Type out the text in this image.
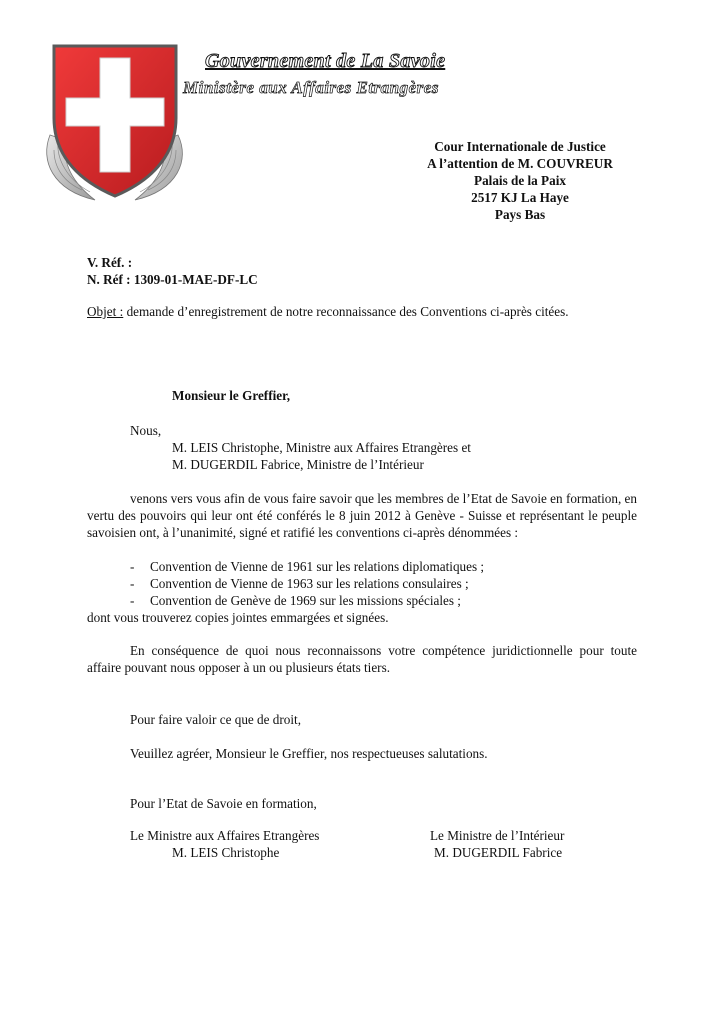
Gouvernement de La Savoie
Ministère aux Affaires Etrangères
Cour Internationale de Justice
A l’attention de M. COUVREUR
Palais de la Paix
2517 KJ La Haye
Pays Bas
V. Réf. :
N. Réf : 1309-01-MAE-DF-LC
Objet : demande d’enregistrement de notre reconnaissance des Conventions ci-après citées.
Monsieur le Greffier,
Nous,
M. LEIS Christophe, Ministre aux Affaires Etrangères et
M. DUGERDIL Fabrice, Ministre de l’Intérieur
venons vers vous afin de vous faire savoir que les membres de l’Etat de Savoie en formation, en vertu des pouvoirs qui leur ont été conférés le 8 juin 2012 à Genève - Suisse et représentant le peuple savoisien ont, à l’unanimité, signé et ratifié les conventions ci-après dénommées :
- Convention de Vienne de 1961 sur les relations diplomatiques ;
- Convention de Vienne de 1963 sur les relations consulaires ;
- Convention de Genève de 1969 sur les missions spéciales ;
dont vous trouverez copies jointes emmargées et signées.
En conséquence de quoi nous reconnaissons votre compétence juridictionnelle pour toute affaire pouvant nous opposer à un ou plusieurs états tiers.
Pour faire valoir ce que de droit,
Veuillez agréer, Monsieur le Greffier, nos respectueuses salutations.
Pour l’Etat de Savoie en formation,
Le Ministre aux Affaires Etrangères
M. LEIS Christophe
Le Ministre de l’Intérieur
M. DUGERDIL Fabrice
